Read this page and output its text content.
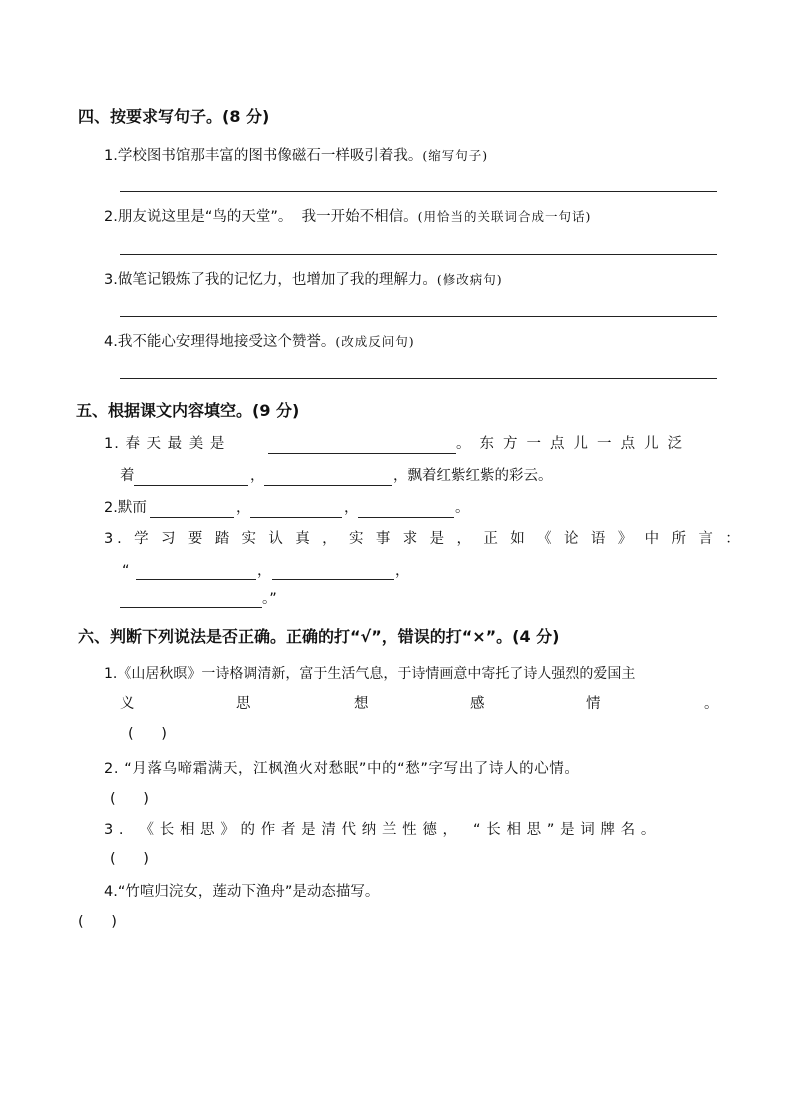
四、按要求写句子。(8 分)
1.学校图书馆那丰富的图书像磁石一样吸引着我。(缩写句子)
2.朋友说这里是“鸟的天堂”。  我一开始不相信。(用恰当的关联词合成一句话)
3.做笔记锻炼了我的记忆力，也增加了我的理解力。(修改病句)
4.我不能心安理得地接受这个赞誉。(改成反问句)
五、根据课文内容填空。(9 分)
1. 春 天 最 美 是	。 东 方 一 点 儿 一 点 儿 泛
着	，	，飘着红紫红紫的彩云。
2.默而	，	，	。
3. 学 习 要 踏 实 认 真 ， 实 事 求 是 ， 正 如 《 论 语 》 中 所 言 ：
“	，	，
。”
六、判断下列说法是否正确。正确的打“√”，错误的打“×”。(4 分)
1.《山居秋暝》一诗格调清新，富于生活气息，于诗情画意中寄托了诗人强烈的爱国主
义	思	想	感	情	。
(      )
2. “月落乌啼霜满天，江枫渔火对愁眠”中的“愁”字写出了诗人的心情。
(      )
3. 《长相思》的作者是清代纳兰性德， “长相思”是词牌名。
(      )
4.“竹喧归浣女，莲动下渔舟”是动态描写。
(      )
